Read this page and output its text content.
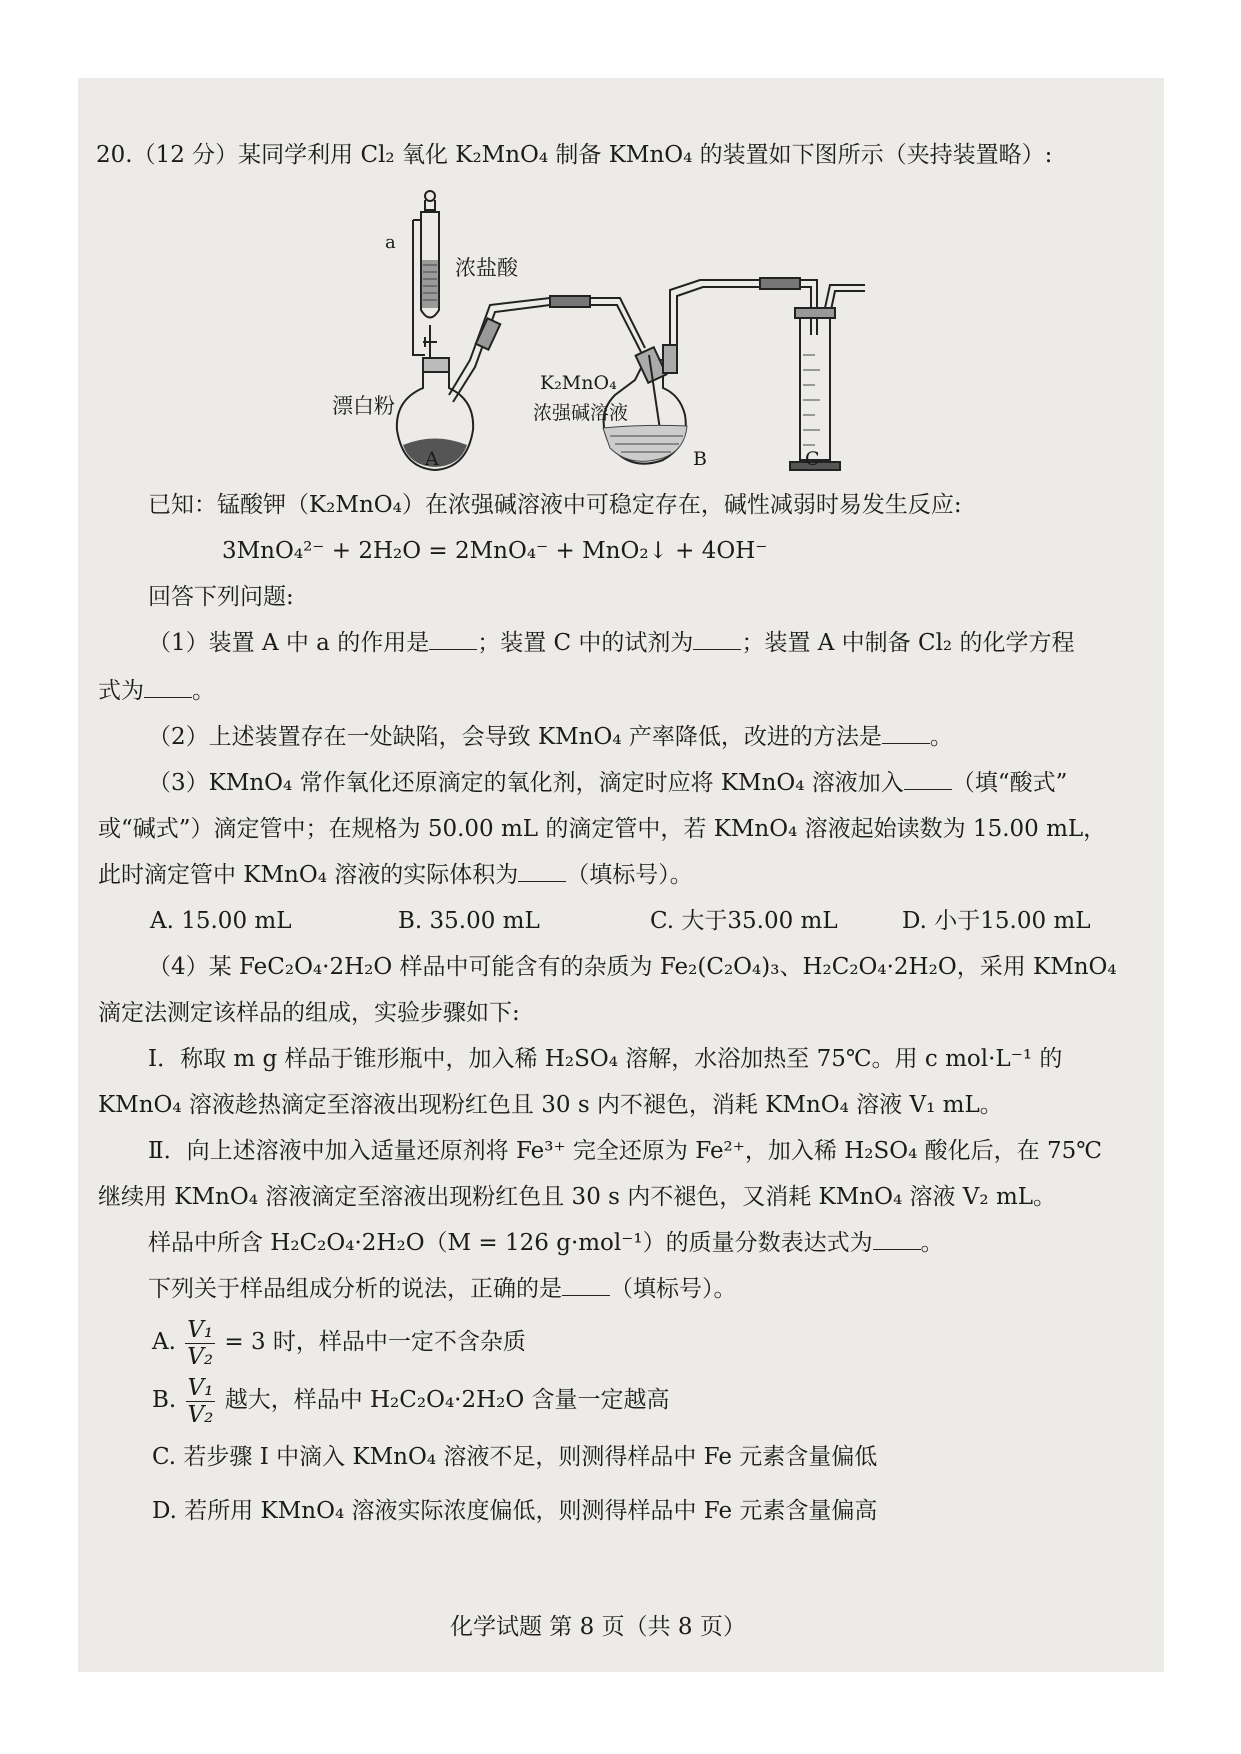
20.（12 分）某同学利用 Cl₂ 氧化 K₂MnO₄ 制备 KMnO₄ 的装置如下图所示（夹持装置略）:
a
浓盐酸
漂白粉
K₂MnO₄
浓强碱溶液
A	B	C
已知：锰酸钾（K₂MnO₄）在浓强碱溶液中可稳定存在，碱性减弱时易发生反应:
3MnO₄²⁻ + 2H₂O = 2MnO₄⁻ + MnO₂↓ + 4OH⁻
回答下列问题:
（1）装置 A 中 a 的作用是 ；装置 C 中的试剂为 ；装置 A 中制备 Cl₂ 的化学方程
式为 。
（2）上述装置存在一处缺陷，会导致 KMnO₄ 产率降低，改进的方法是 。
（3）KMnO₄ 常作氧化还原滴定的氧化剂，滴定时应将 KMnO₄ 溶液加入 （填“酸式”
或“碱式”）滴定管中；在规格为 50.00 mL 的滴定管中，若 KMnO₄ 溶液起始读数为 15.00 mL，
此时滴定管中 KMnO₄ 溶液的实际体积为 （填标号）。
A. 15.00 mL	B. 35.00 mL	C. 大于35.00 mL	D. 小于15.00 mL
（4）某 FeC₂O₄·2H₂O 样品中可能含有的杂质为 Fe₂(C₂O₄)₃、H₂C₂O₄·2H₂O，采用 KMnO₄
滴定法测定该样品的组成，实验步骤如下:
Ⅰ．称取 m g 样品于锥形瓶中，加入稀 H₂SO₄ 溶解，水浴加热至 75℃。用 c mol·L⁻¹ 的
KMnO₄ 溶液趁热滴定至溶液出现粉红色且 30 s 内不褪色，消耗 KMnO₄ 溶液 V₁ mL。
Ⅱ．向上述溶液中加入适量还原剂将 Fe³⁺ 完全还原为 Fe²⁺，加入稀 H₂SO₄ 酸化后，在 75℃
继续用 KMnO₄ 溶液滴定至溶液出现粉红色且 30 s 内不褪色，又消耗 KMnO₄ 溶液 V₂ mL。
样品中所含 H₂C₂O₄·2H₂O（M = 126 g·mol⁻¹）的质量分数表达式为 。
下列关于样品组成分析的说法，正确的是 （填标号）。
A. $\frac{\text{V₁}}{\text{V₂}} = 3$ 时，样品中一定不含杂质
B. $\frac{\text{V₁}}{\text{V₂}}$ 越大，样品中 H₂C₂O₄·2H₂O 含量一定越高
C. 若步骤 Ⅰ 中滴入 KMnO₄ 溶液不足，则测得样品中 Fe 元素含量偏低
D. 若所用 KMnO₄ 溶液实际浓度偏低，则测得样品中 Fe 元素含量偏高
化学试题 第 8 页（共 8 页）
